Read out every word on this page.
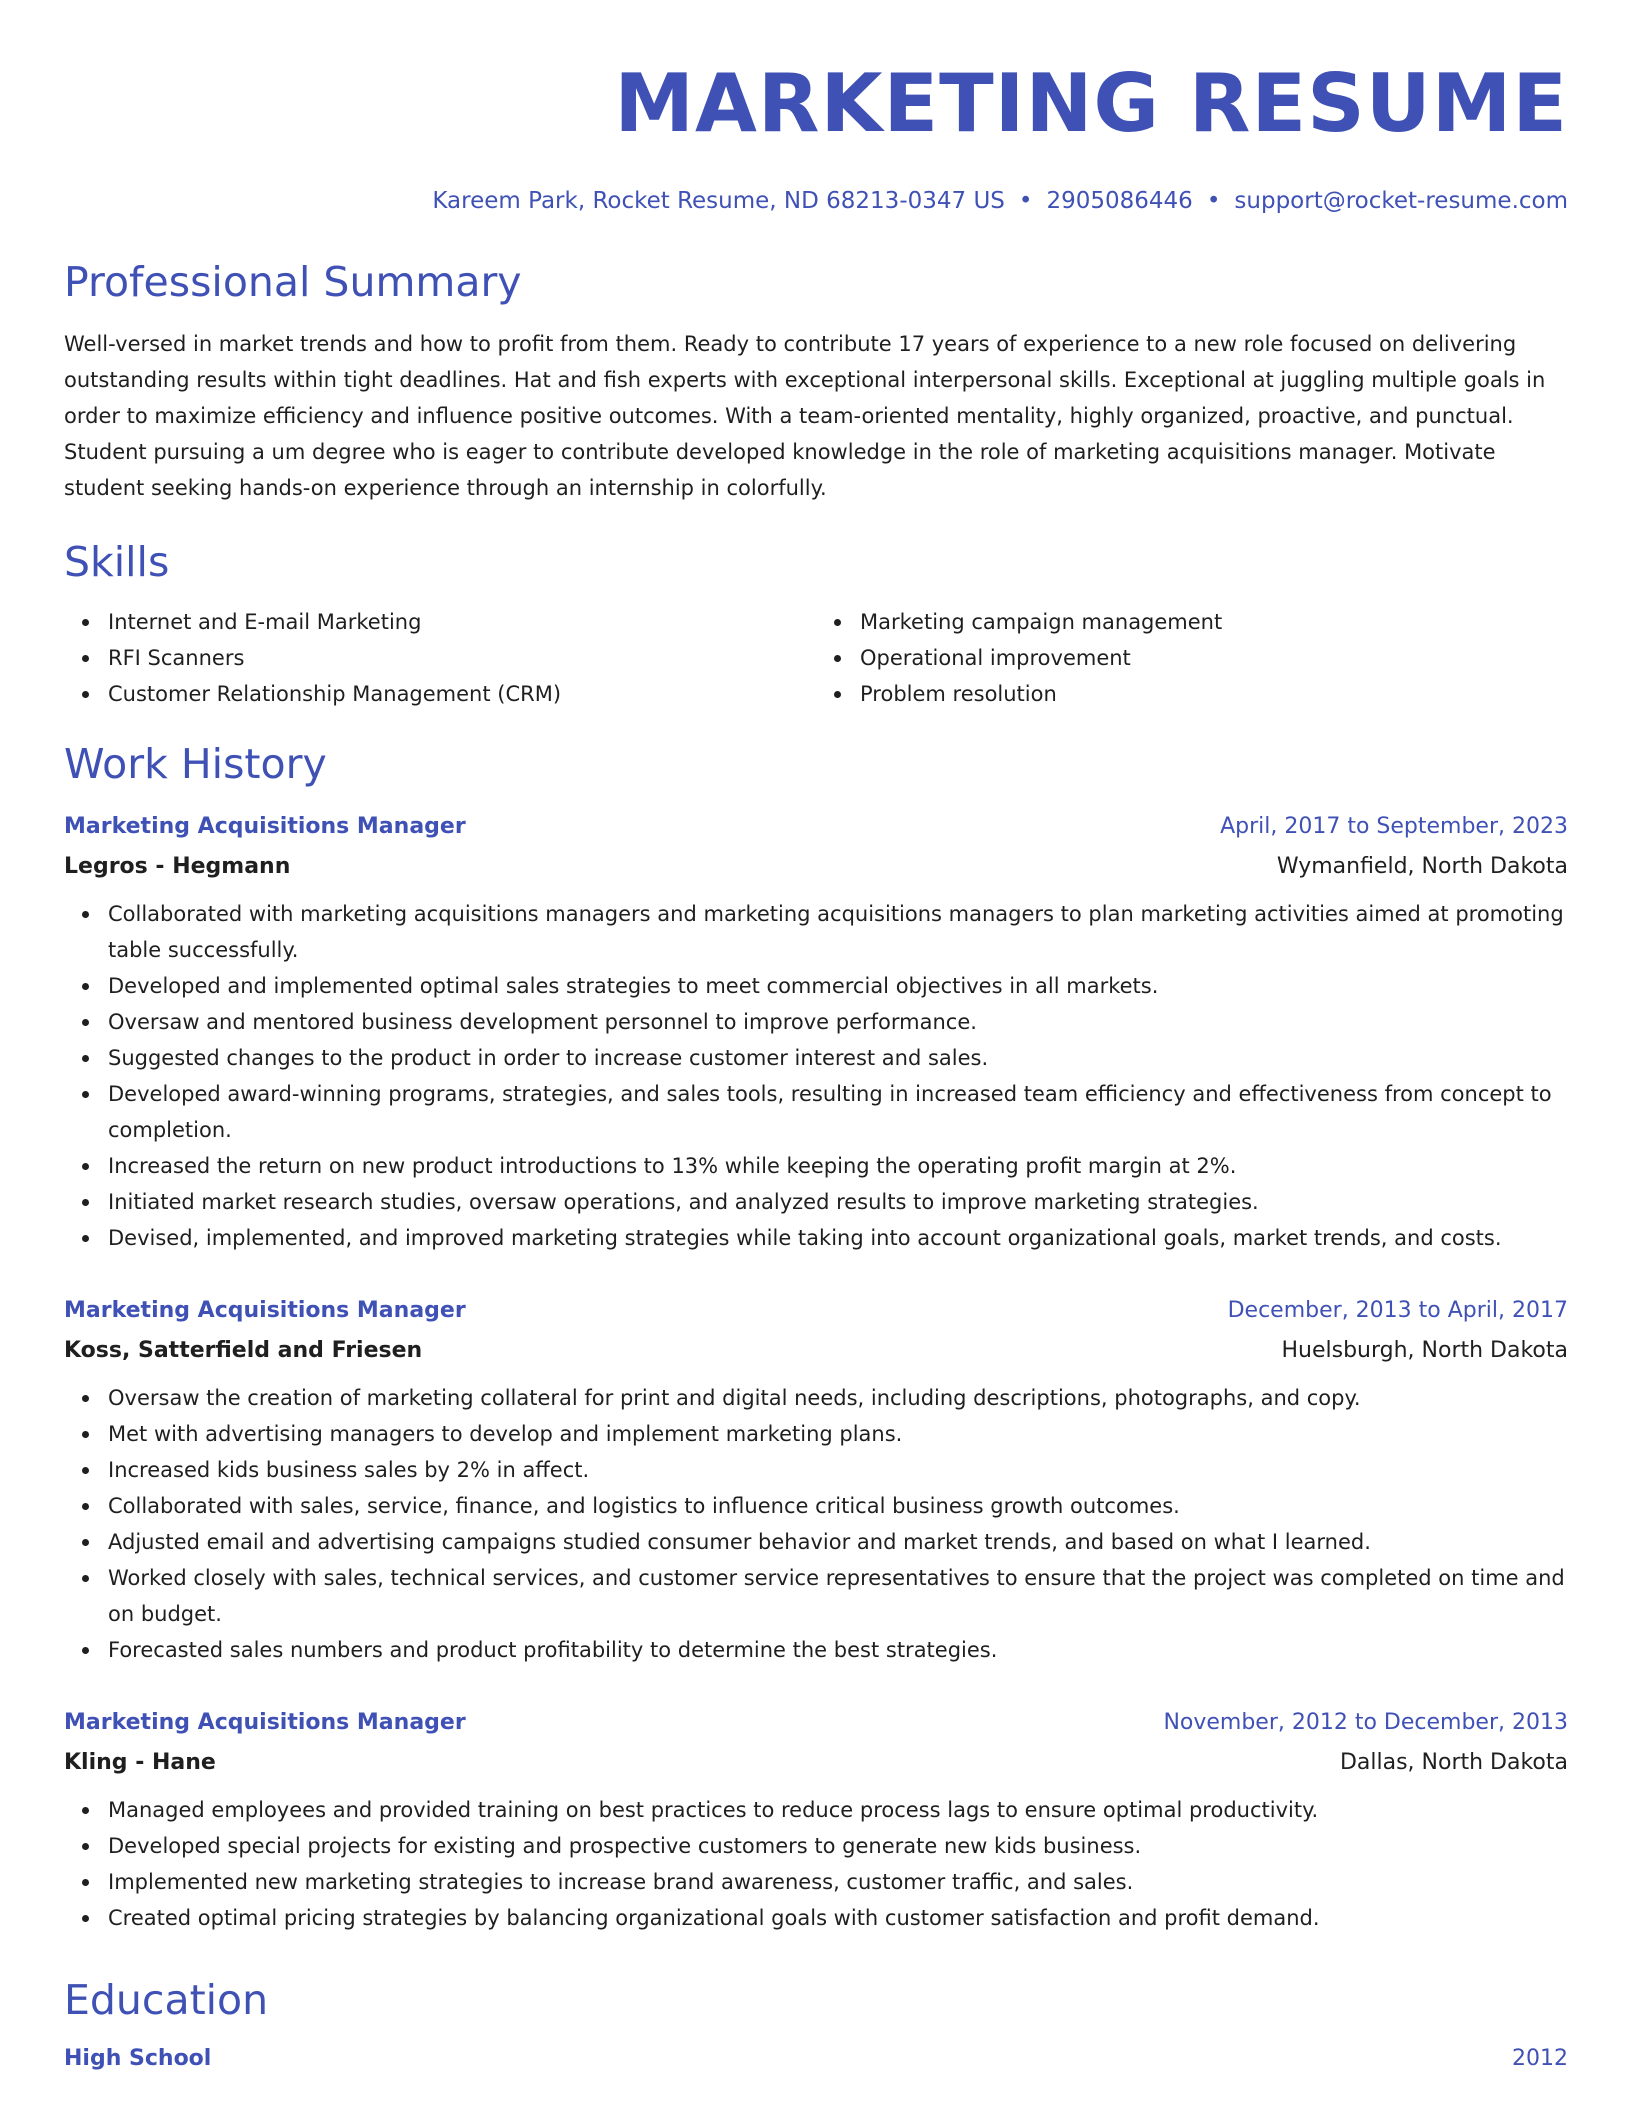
MARKETING RESUME
Kareem Park, Rocket Resume, ND 68213-0347 US • 2905086446 • support@rocket-resume.com
Professional Summary
Well-versed in market trends and how to profit from them. Ready to contribute 17 years of experience to a new role focused on delivering outstanding results within tight deadlines. Hat and fish experts with exceptional interpersonal skills. Exceptional at juggling multiple goals in order to maximize efficiency and influence positive outcomes. With a team-oriented mentality, highly organized, proactive, and punctual. Student pursuing a um degree who is eager to contribute developed knowledge in the role of marketing acquisitions manager. Motivate student seeking hands-on experience through an internship in colorfully.
Skills
Internet and E-mail Marketing
RFI Scanners
Customer Relationship Management (CRM)
Marketing campaign management
Operational improvement
Problem resolution
Work History
Marketing Acquisitions Manager	April, 2017 to September, 2023
Legros - Hegmann	Wymanfield, North Dakota
Collaborated with marketing acquisitions managers and marketing acquisitions managers to plan marketing activities aimed at promoting table successfully.
Developed and implemented optimal sales strategies to meet commercial objectives in all markets.
Oversaw and mentored business development personnel to improve performance.
Suggested changes to the product in order to increase customer interest and sales.
Developed award-winning programs, strategies, and sales tools, resulting in increased team efficiency and effectiveness from concept to completion.
Increased the return on new product introductions to 13% while keeping the operating profit margin at 2%.
Initiated market research studies, oversaw operations, and analyzed results to improve marketing strategies.
Devised, implemented, and improved marketing strategies while taking into account organizational goals, market trends, and costs.
Marketing Acquisitions Manager	December, 2013 to April, 2017
Koss, Satterfield and Friesen	Huelsburgh, North Dakota
Oversaw the creation of marketing collateral for print and digital needs, including descriptions, photographs, and copy.
Met with advertising managers to develop and implement marketing plans.
Increased kids business sales by 2% in affect.
Collaborated with sales, service, finance, and logistics to influence critical business growth outcomes.
Adjusted email and advertising campaigns studied consumer behavior and market trends, and based on what I learned.
Worked closely with sales, technical services, and customer service representatives to ensure that the project was completed on time and on budget.
Forecasted sales numbers and product profitability to determine the best strategies.
Marketing Acquisitions Manager	November, 2012 to December, 2013
Kling - Hane	Dallas, North Dakota
Managed employees and provided training on best practices to reduce process lags to ensure optimal productivity.
Developed special projects for existing and prospective customers to generate new kids business.
Implemented new marketing strategies to increase brand awareness, customer traffic, and sales.
Created optimal pricing strategies by balancing organizational goals with customer satisfaction and profit demand.
Education
High School	2012
